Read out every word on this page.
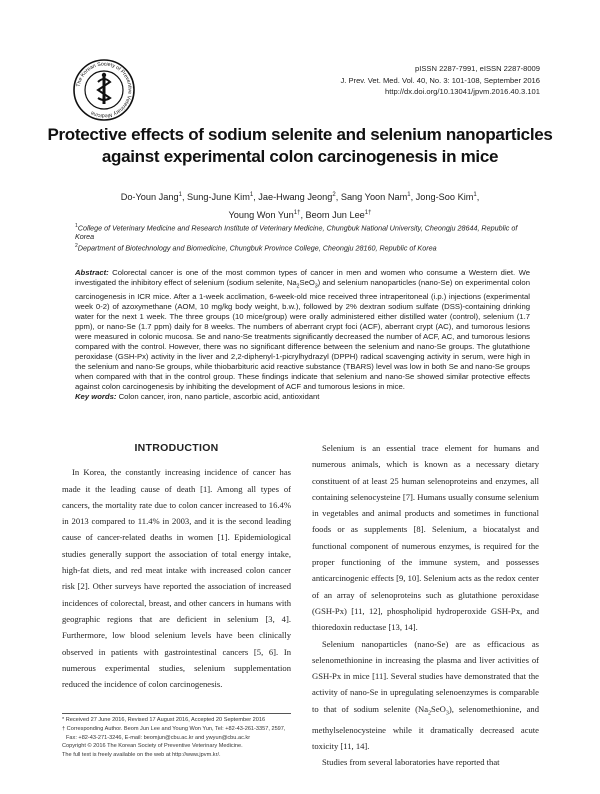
The Korean Society of Preventive Veterinary Medicine
pISSN 2287-7991, eISSN 2287-8009
J. Prev. Vet. Med. Vol. 40, No. 3: 101-108, September 2016
http://dx.doi.org/10.13041/jpvm.2016.40.3.101
Protective effects of sodium selenite and selenium nanoparticles
against experimental colon carcinogenesis in mice
Do-Youn Jang$^1$, Sung-June Kim$^1$, Jae-Hwang Jeong$^2$, Sang Yoon Nam$^1$, Jong-Soo Kim$^1$,
Young Won Yun$^{1\dagger}$, Beom Jun Lee$^{1\dagger}$

$^1$College of Veterinary Medicine and Research Institute of Veterinary Medicine, Chungbuk National University, Cheongju 28644, Republic of Korea

$^2$Department of Biotechnology and Biomedicine, Chungbuk Province College, Cheongju 28160, Republic of Korea

Abstract: Colorectal cancer is one of the most common types of cancer in men and women who consume a Western diet. We investigated the inhibitory effect of selenium (sodium selenite, $Na_2SeO_3$) and selenium nanoparticles (nano-Se) on experimental colon carcinogenesis in ICR mice. After a 1-week acclimation, 6-week-old mice received three intraperitoneal (i.p.) injections (experimental week 0-2) of azoxymethane (AOM, 10 mg/kg body weight, b.w.), followed by 2% dextran sodium sulfate (DSS)-containing drinking water for the next 1 week. The three groups (10 mice/group) were orally administered either distilled water (control), selenium (1.7 ppm), or nano-Se (1.7 ppm) daily for 8 weeks. The numbers of aberrant crypt foci (ACF), aberrant crypt (AC), and tumorous lesions were measured in colonic mucosa. Se and nano-Se treatments significantly decreased the number of ACF, AC, and tumorous lesions compared with the control. However, there was no significant difference between the selenium and nano-Se groups. The glutathione peroxidase (GSH-Px) activity in the liver and 2,2-diphenyl-1-picrylhydrazyl (DPPH) radical scavenging activity in serum, were high in the selenium and nano-Se groups, while thiobarbituric acid reactive substance (TBARS) level was low in both Se and nano-Se groups when compared with that in the control group. These findings indicate that selenium and nano-Se showed similar protective effects against colon carcinogenesis by inhibiting the development of ACF and tumorous lesions in mice.

Key words: Colon cancer, iron, nano particle, ascorbic acid, antioxidant

INTRODUCTION

In Korea, the constantly increasing incidence of cancer has made it the leading cause of death [1]. Among all types of cancers, the mortality rate due to colon cancer increased to 16.4% in 2013 compared to 11.4% in 2003, and it is the second leading cause of cancer-related deaths in women [1]. Epidemiological studies generally support the association of total energy intake, high-fat diets, and red meat intake with increased colon cancer risk [2]. Other surveys have reported the association of increased incidences of colorectal, breast, and other cancers in humans with geographic regions that are deficient in selenium [3, 4]. Furthermore, low blood selenium levels have been clinically observed in patients with gastrointestinal cancers [5, 6]. In numerous experimental studies, selenium supplementation reduced the incidence of colon carcinogenesis.

Selenium is an essential trace element for humans and numerous animals, which is known as a necessary dietary constituent of at least 25 human selenoproteins and enzymes, all containing selenocysteine [7]. Humans usually consume selenium in vegetables and animal products and sometimes in functional foods or as supplements [8]. Selenium, a biocatalyst and functional component of numerous enzymes, is required for the proper functioning of the immune system, and possesses anticarcinogenic effects [9, 10]. Selenium acts as the redox center of an array of selenoproteins such as glutathione peroxidase (GSH-Px) [11, 12], phospholipid hydroperoxide GSH-Px, and thioredoxin reductase [13, 14].

Selenium nanoparticles (nano-Se) are as efficacious as selenomethionine in increasing the plasma and liver activities of GSH-Px in mice [11]. Several studies have demonstrated that the activity of nano-Se in upregulating selenoenzymes is comparable to that of sodium selenite $(Na_2SeO_3)$, selenomethionine, and methylselenocysteine while it dramatically decreased acute toxicity [11, 14].

Studies from several laboratories have reported that

* Received 27 June 2016, Revised 17 August 2016, Accepted 20 September 2016

† Corresponding Author. Beom Jun Lee and Young Won Yun, Tel: +82-43-261-3357, 2597,

Fax: +82-43-271-3246, E-mail: beomjun@cbu.ac.kr and ywyun@cbu.ac.kr

Copyright © 2016 The Korean Society of Preventive Veterinary Medicine.

The full text is freely available on the web at http://www.jpvm.kr/.
